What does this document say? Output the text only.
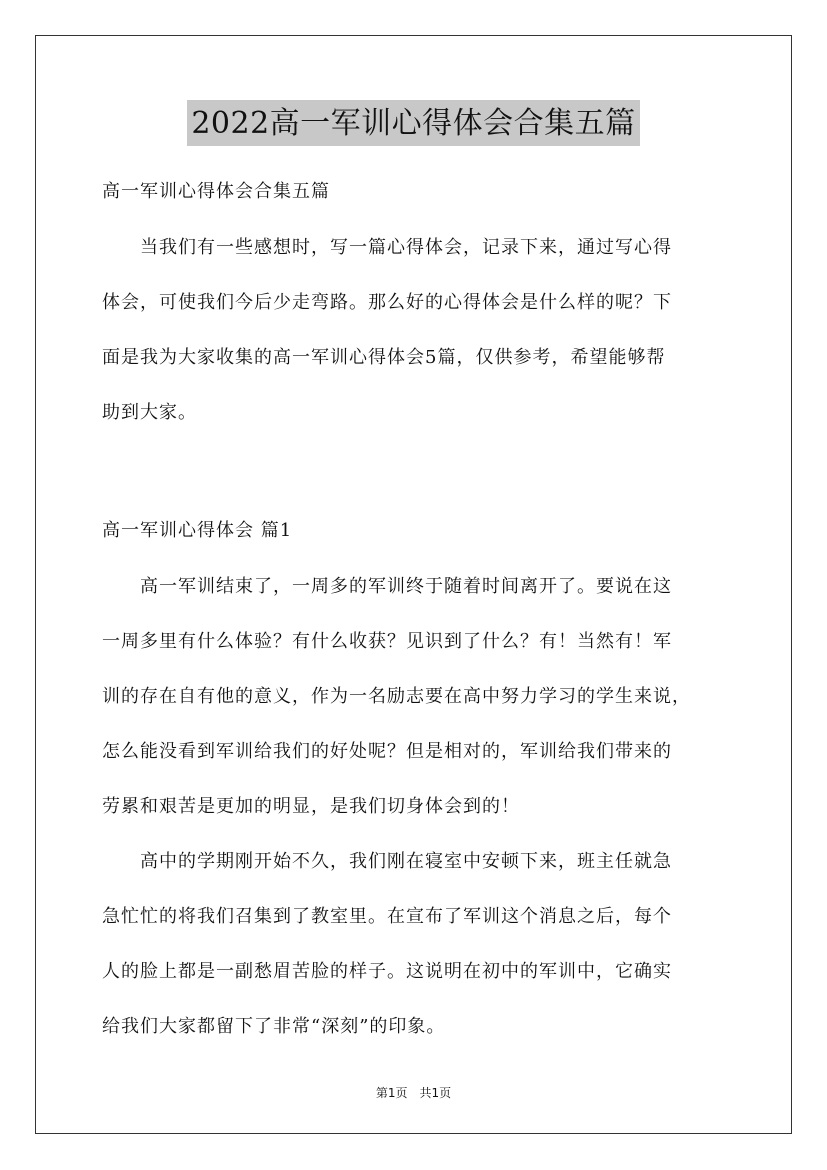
2022高一军训心得体会合集五篇

高一军训心得体会合集五篇

　　当我们有一些感想时，写一篇心得体会，记录下来，通过写心得
体会，可使我们今后少走弯路。那么好的心得体会是什么样的呢？下
面是我为大家收集的高一军训心得体会5篇，仅供参考，希望能够帮
助到大家。

高一军训心得体会 篇1

　　高一军训结束了，一周多的军训终于随着时间离开了。要说在这
一周多里有什么体验？有什么收获？见识到了什么？有！当然有！军
训的存在自有他的意义，作为一名励志要在高中努力学习的学生来说，
怎么能没看到军训给我们的好处呢？但是相对的，军训给我们带来的
劳累和艰苦是更加的明显，是我们切身体会到的！
　　高中的学期刚开始不久，我们刚在寝室中安顿下来，班主任就急
急忙忙的将我们召集到了教室里。在宣布了军训这个消息之后，每个
人的脸上都是一副愁眉苦脸的样子。这说明在初中的军训中，它确实
给我们大家都留下了非常“深刻”的印象。
第1页　共1页
